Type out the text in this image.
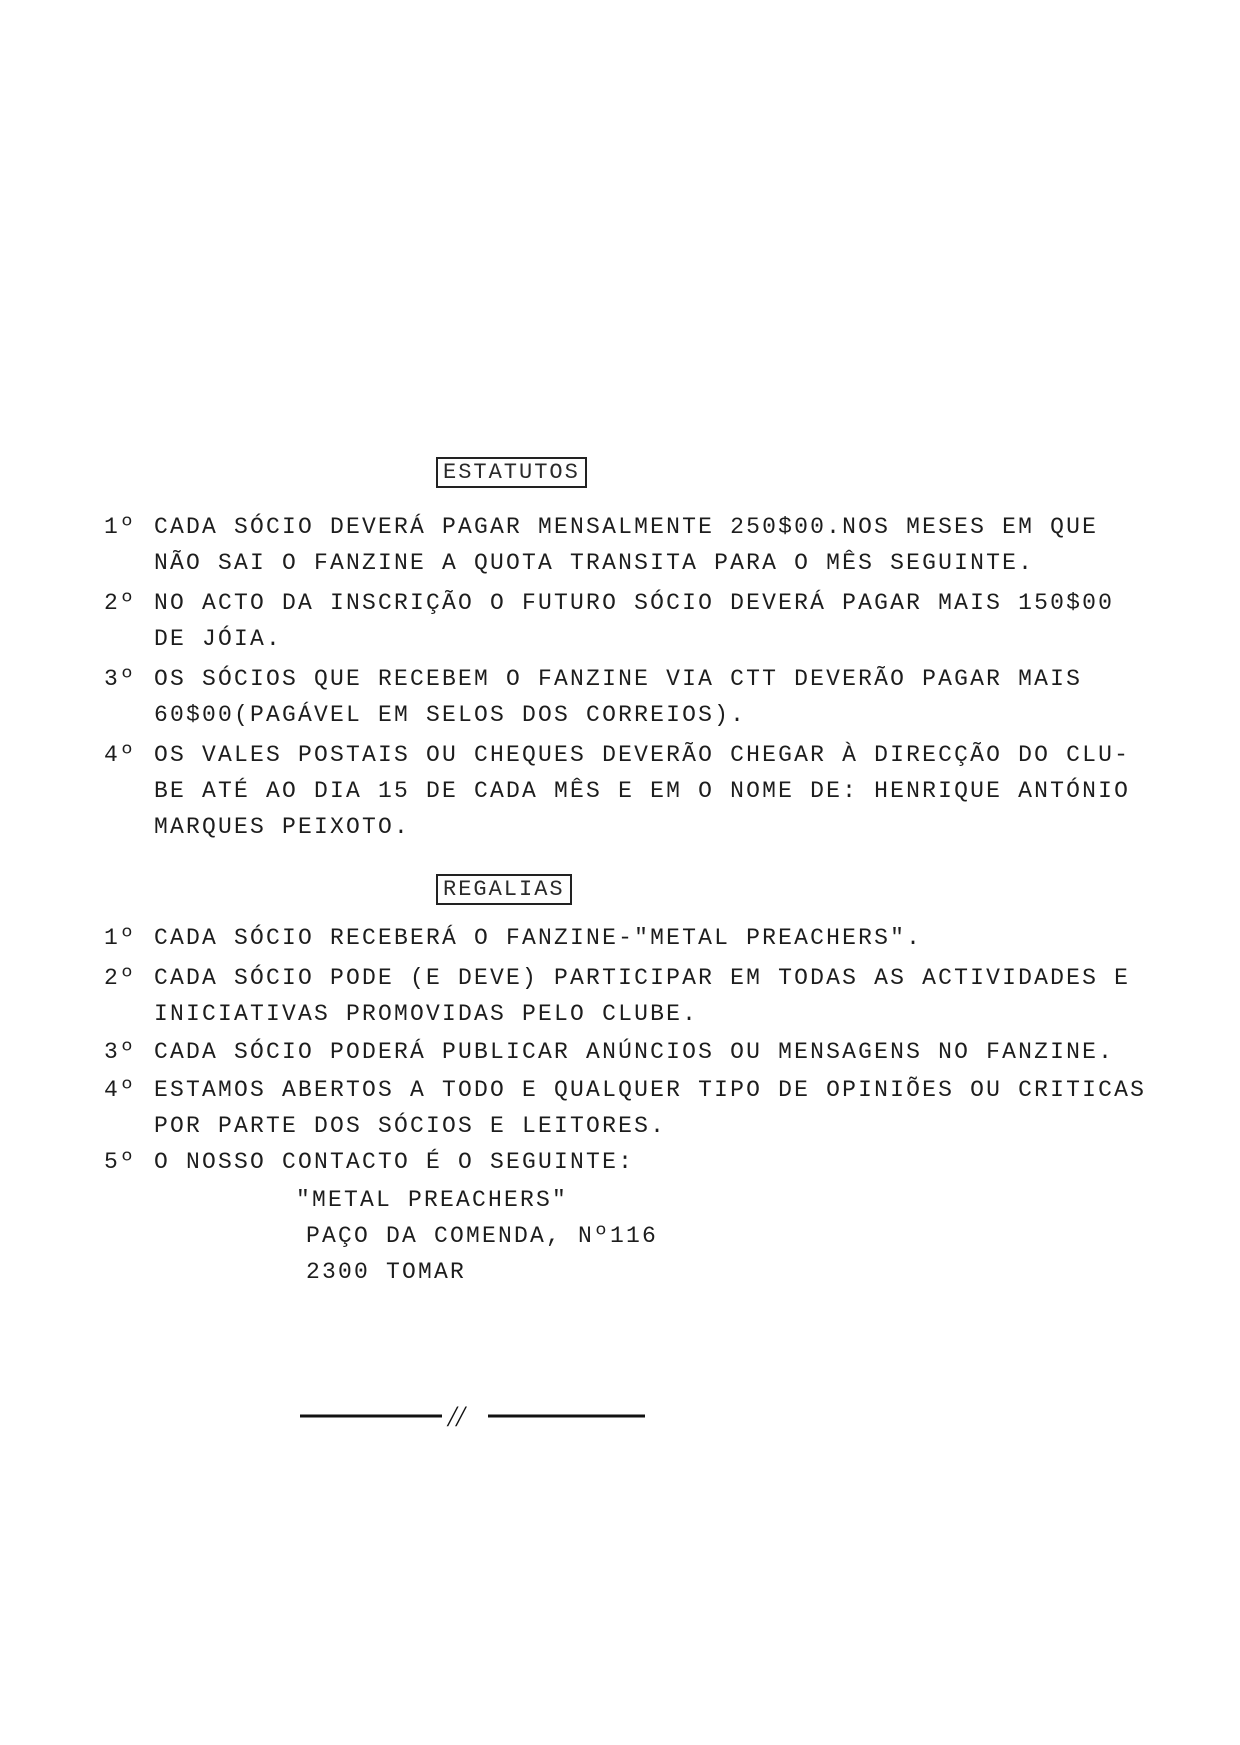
ESTATUTOS
1º CADA SÓCIO DEVERÁ PAGAR MENSALMENTE 250$00.NOS MESES EM QUE
NÃO SAI O FANZINE A QUOTA TRANSITA PARA O MÊS SEGUINTE.
2º NO ACTO DA INSCRIÇÃO O FUTURO SÓCIO DEVERÁ PAGAR MAIS 150$00
DE JÓIA.
3º OS SÓCIOS QUE RECEBEM O FANZINE VIA CTT DEVERÃO PAGAR MAIS
60$00(PAGÁVEL EM SELOS DOS CORREIOS).
4º OS VALES POSTAIS OU CHEQUES DEVERÃO CHEGAR À DIRECÇÃO DO CLU-
BE ATÉ AO DIA 15 DE CADA MÊS E EM O NOME DE: HENRIQUE ANTÓNIO
MARQUES PEIXOTO.
REGALIAS
1º CADA SÓCIO RECEBERÁ O FANZINE-"METAL PREACHERS".
2º CADA SÓCIO PODE (E DEVE) PARTICIPAR EM TODAS AS ACTIVIDADES E
INICIATIVAS PROMOVIDAS PELO CLUBE.
3º CADA SÓCIO PODERÁ PUBLICAR ANÚNCIOS OU MENSAGENS NO FANZINE.
4º ESTAMOS ABERTOS A TODO E QUALQUER TIPO DE OPINIÕES OU CRITICAS
POR PARTE DOS SÓCIOS E LEITORES.
5º O NOSSO CONTACTO É O SEGUINTE:
"METAL PREACHERS"
PAÇO DA COMENDA, Nº116
2300 TOMAR
//
